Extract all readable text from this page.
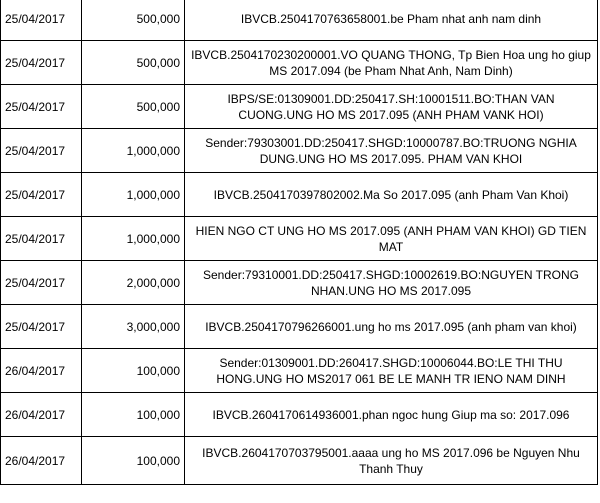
25/04/2017	500,000	IBVCB.2504170763658001.be Pham nhat anh nam dinh
25/04/2017	500,000	IBVCB.2504170230200001.VO QUANG THONG, Tp Bien Hoa ung ho giup MS 2017.094 (be Pham Nhat Anh, Nam Dinh)
25/04/2017	500,000	IBPS/SE:01309001.DD:250417.SH:10001511.BO:THAN VAN CUONG.UNG HO MS 2017.095 (ANH PHAM VANK HOI)
25/04/2017	1,000,000	Sender:79303001.DD:250417.SHGD:10000787.BO:TRUONG NGHIA DUNG.UNG HO MS 2017.095. PHAM VAN KHOI
25/04/2017	1,000,000	IBVCB.2504170397802002.Ma So 2017.095 (anh Pham Van Khoi)
25/04/2017	1,000,000	HIEN NGO CT UNG HO MS 2017.095 (ANH PHAM VAN KHOI) GD TIEN MAT
25/04/2017	2,000,000	Sender:79310001.DD:250417.SHGD:10002619.BO:NGUYEN TRONG NHAN.UNG HO MS 2017.095
25/04/2017	3,000,000	IBVCB.2504170796266001.ung ho ms 2017.095 (anh pham van khoi)
26/04/2017	100,000	Sender:01309001.DD:260417.SHGD:10006044.BO:LE THI THU HONG.UNG HO MS2017 061 BE LE MANH TR IENO NAM DINH
26/04/2017	100,000	IBVCB.2604170614936001.phan ngoc hung Giup ma so: 2017.096
26/04/2017	100,000	IBVCB.2604170703795001.aaaa ung ho MS 2017.096 be Nguyen Nhu Thanh Thuy
